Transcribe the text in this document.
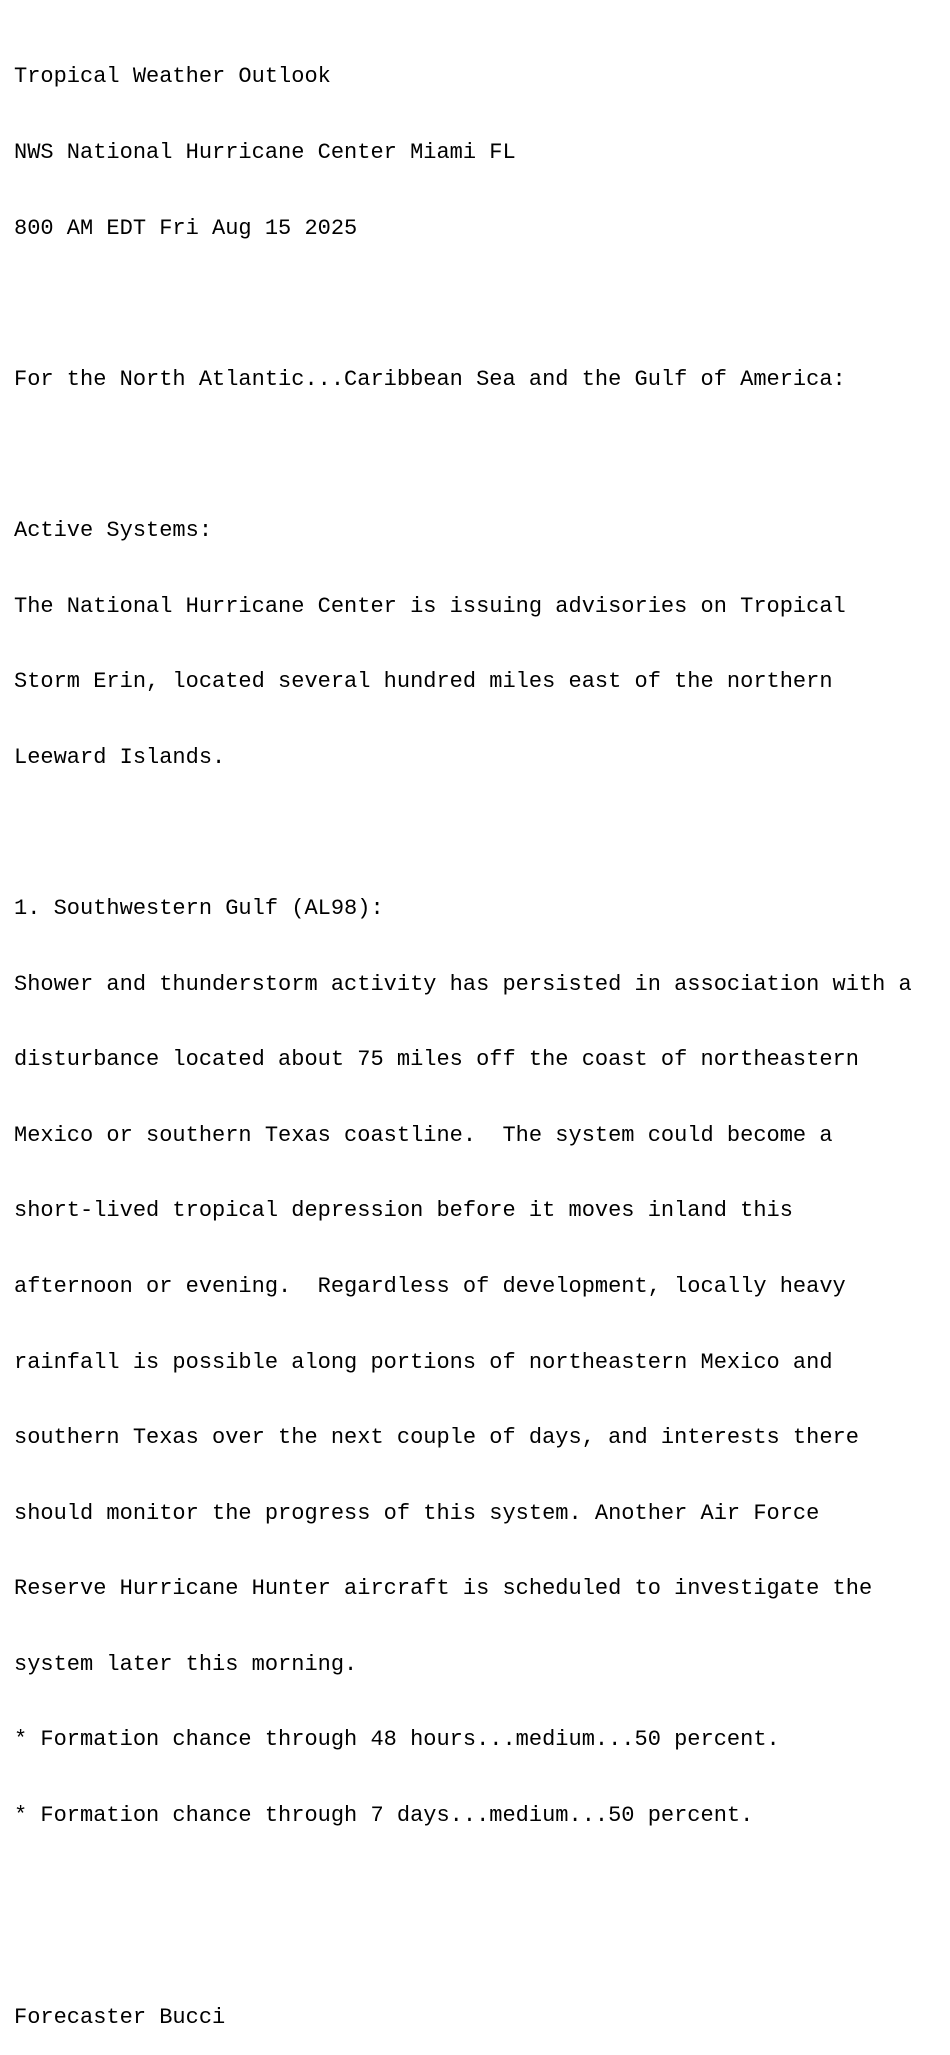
Tropical Weather Outlook

NWS National Hurricane Center Miami FL

800 AM EDT Fri Aug 15 2025

For the North Atlantic...Caribbean Sea and the Gulf of America:

Active Systems:

The National Hurricane Center is issuing advisories on Tropical

Storm Erin, located several hundred miles east of the northern

Leeward Islands.

1. Southwestern Gulf (AL98):

Shower and thunderstorm activity has persisted in association with a

disturbance located about 75 miles off the coast of northeastern

Mexico or southern Texas coastline.  The system could become a

short-lived tropical depression before it moves inland this

afternoon or evening.  Regardless of development, locally heavy

rainfall is possible along portions of northeastern Mexico and

southern Texas over the next couple of days, and interests there

should monitor the progress of this system. Another Air Force

Reserve Hurricane Hunter aircraft is scheduled to investigate the

system later this morning.

* Formation chance through 48 hours...medium...50 percent.

* Formation chance through 7 days...medium...50 percent.

Forecaster Bucci
